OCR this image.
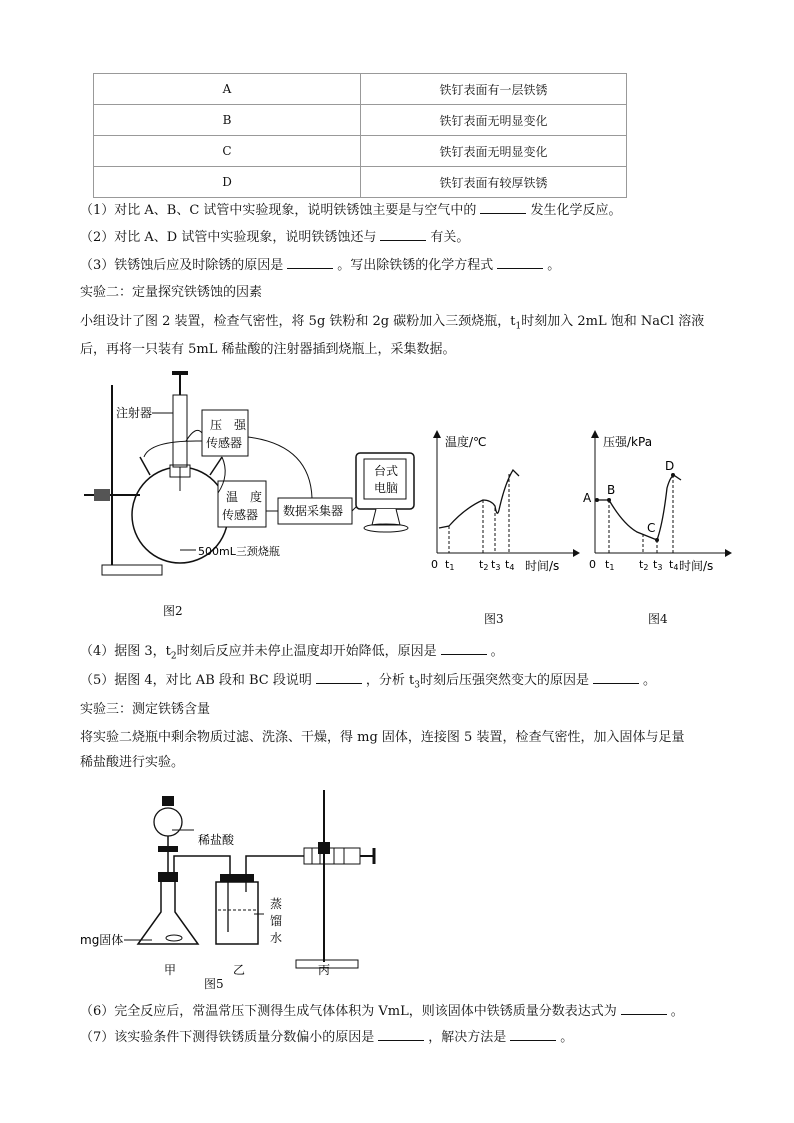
A	铁钉表面有一层铁锈
B	铁钉表面无明显变化
C	铁钉表面无明显变化
D	铁钉表面有较厚铁锈
（1）对比 A、B、C 试管中实验现象，说明铁锈蚀主要是与空气中的	发生化学反应。
（2）对比 A、D 试管中实验现象，说明铁锈蚀还与	有关。
（3）铁锈蚀后应及时除锈的原因是	。写出除铁锈的化学方程式	。
实验二：定量探究铁锈蚀的因素
小组设计了图 2 装置，检查气密性，将 5g 铁粉和 2g 碳粉加入三颈烧瓶，$t_1$时刻加入 2mL 饱和 NaCl 溶液
后，再将一只装有 5mL 稀盐酸的注射器插到烧瓶上，采集数据。
注射器
压　强
传感器
温　度
传感器 数据采集器
台式
电脑
500mL三颈烧瓶
图2
温度/℃
时间/s
0 t1 t2 t3 t4
图3
压强/kPa
时间/s
0
A
B
C
D
t1 t2 t3 t4
图4
（4）据图 3，$t_2$时刻后反应并未停止温度却开始降低，原因是	。
（5）据图 4，对比 AB 段和 BC 段说明	，分析 $t_3$时刻后压强突然变大的原因是	。
实验三：测定铁锈含量
将实验二烧瓶中剩余物质过滤、洗涤、干燥，得 mg 固体，连接图 5 装置，检查气密性，加入固体与足量
稀盐酸进行实验。
稀盐酸
蒸
馏
水
mg固体
甲	乙	丙
图5
（6）完全反应后，常温常压下测得生成气体体积为 VmL，则该固体中铁锈质量分数表达式为	。
（7）该实验条件下测得铁锈质量分数偏小的原因是	，解决方法是	。
